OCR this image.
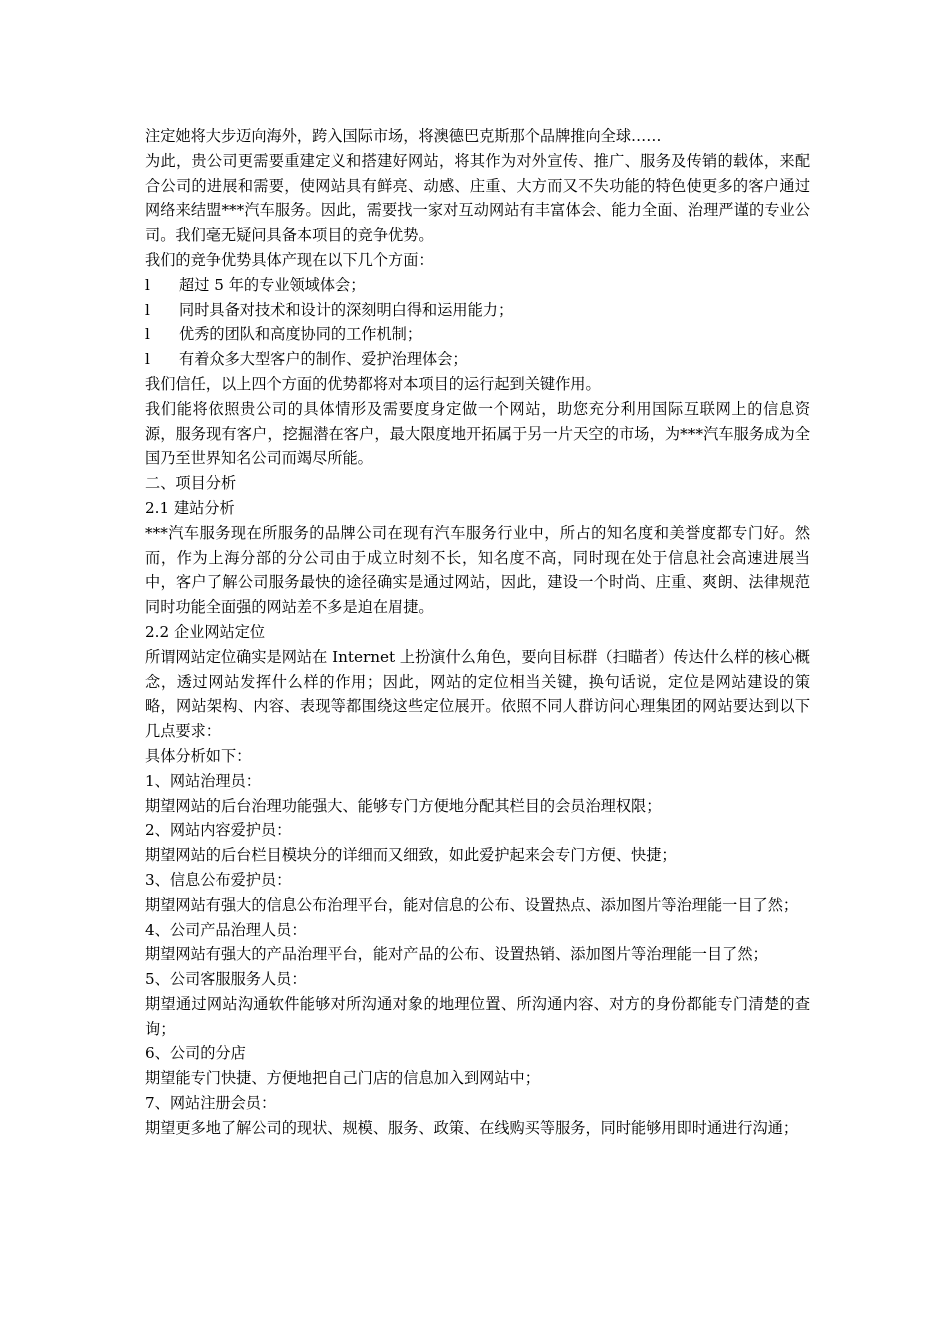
注定她将大步迈向海外，跨入国际市场，将澳德巴克斯那个品牌推向全球……

为此，贵公司更需要重建定义和搭建好网站，将其作为对外宣传、推广、服务及传销的载体，来配合公司的进展和需要，使网站具有鲜亮、动感、庄重、大方而又不失功能的特色使更多的客户通过网络来结盟***汽车服务。因此，需要找一家对互动网站有丰富体会、能力全面、治理严谨的专业公司。我们毫无疑问具备本项目的竞争优势。

我们的竞争优势具体产现在以下几个方面：

l	超过 5 年的专业领域体会；
l	同时具备对技术和设计的深刻明白得和运用能力；
l	优秀的团队和高度协同的工作机制；
l	有着众多大型客户的制作、爱护治理体会；

我们信任，以上四个方面的优势都将对本项目的运行起到关键作用。

我们能将依照贵公司的具体情形及需要度身定做一个网站，助您充分利用国际互联网上的信息资源，服务现有客户，挖掘潜在客户，最大限度地开拓属于另一片天空的市场，为***汽车服务成为全国乃至世界知名公司而竭尽所能。

二、项目分析

2.1 建站分析

***汽车服务现在所服务的品牌公司在现有汽车服务行业中，所占的知名度和美誉度都专门好。然而，作为上海分部的分公司由于成立时刻不长，知名度不高，同时现在处于信息社会高速进展当中，客户了解公司服务最快的途径确实是通过网站，因此，建设一个时尚、庄重、爽朗、法律规范同时功能全面强的网站差不多是迫在眉捷。

2.2 企业网站定位

所谓网站定位确实是网站在 Internet 上扮演什么角色，要向目标群（扫瞄者）传达什么样的核心概念，透过网站发挥什么样的作用；因此，网站的定位相当关键，换句话说，定位是网站建设的策略，网站架构、内容、表现等都围绕这些定位展开。依照不同人群访问心理集团的网站要达到以下几点要求：

具体分析如下：

1、网站治理员：

期望网站的后台治理功能强大、能够专门方便地分配其栏目的会员治理权限；

2、网站内容爱护员：

期望网站的后台栏目模块分的详细而又细致，如此爱护起来会专门方便、快捷；

3、信息公布爱护员：

期望网站有强大的信息公布治理平台，能对信息的公布、设置热点、添加图片等治理能一目了然；

4、公司产品治理人员：

期望网站有强大的产品治理平台，能对产品的公布、设置热销、添加图片等治理能一目了然；

5、公司客服服务人员：

期望通过网站沟通软件能够对所沟通对象的地理位置、所沟通内容、对方的身份都能专门清楚的查询；

6、公司的分店

期望能专门快捷、方便地把自己门店的信息加入到网站中；

7、网站注册会员：

期望更多地了解公司的现状、规模、服务、政策、在线购买等服务，同时能够用即时通进行沟通；
